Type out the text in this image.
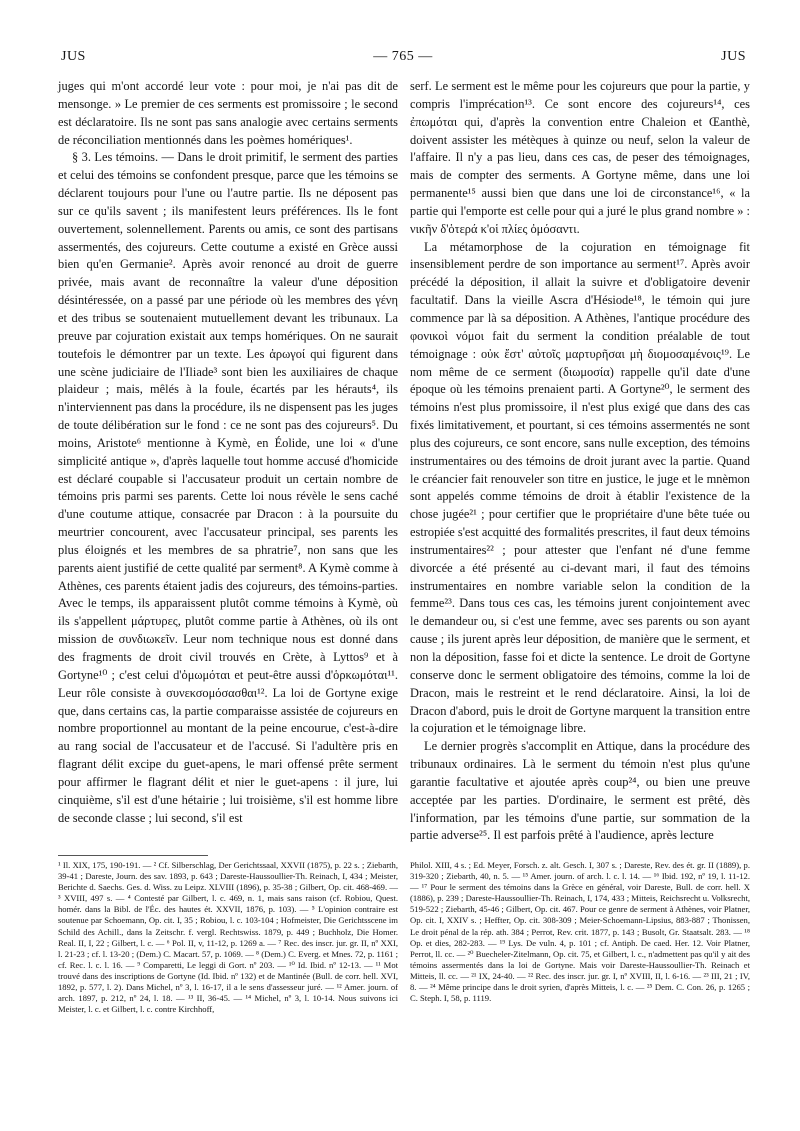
JUS	— 765 —	JUS

juges qui m'ont accordé leur vote : pour moi, je n'ai pas dit de mensonge. » Le premier de ces serments est promissoire ; le second est déclaratoire. Ils ne sont pas sans analogie avec certains serments de réconciliation mentionnés dans les poèmes homériques¹.

§ 3. Les témoins. — Dans le droit primitif, le serment des parties et celui des témoins se confondent presque, parce que les témoins se déclarent toujours pour l'une ou l'autre partie. Ils ne déposent pas sur ce qu'ils savent ; ils manifestent leurs préférences. Ils le font ouvertement, solennellement. Parents ou amis, ce sont des partisans assermentés, des cojureurs. Cette coutume a existé en Grèce aussi bien qu'en Germanie². Après avoir renoncé au droit de guerre privée, mais avant de reconnaître la valeur d'une déposition désintéressée, on a passé par une période où les membres des γένη et des tribus se soutenaient mutuellement devant les tribunaux. La preuve par cojuration existait aux temps homériques. On ne saurait toutefois le démontrer par un texte. Les ἀρωγοί qui figurent dans une scène judiciaire de l'Iliade³ sont bien les auxiliaires de chaque plaideur ; mais, mêlés à la foule, écartés par les hérauts⁴, ils n'interviennent pas dans la procédure, ils ne dispensent pas les juges de toute délibération sur le fond : ce ne sont pas des cojureurs⁵. Du moins, Aristote⁶ mentionne à Kymè, en Éolide, une loi « d'une simplicité antique », d'après laquelle tout homme accusé d'homicide est déclaré coupable si l'accusateur produit un certain nombre de témoins pris parmi ses parents. Cette loi nous révèle le sens caché d'une coutume attique, consacrée par Dracon : à la poursuite du meurtrier concourent, avec l'accusateur principal, ses parents les plus éloignés et les membres de sa phratrie⁷, non sans que les parents aient justifié de cette qualité par serment⁸. A Kymè comme à Athènes, ces parents étaient jadis des cojureurs, des témoins-parties. Avec le temps, ils apparaissent plutôt comme témoins à Kymè, où ils s'appellent μάρτυρες, plutôt comme partie à Athènes, où ils ont mission de συνδιωκεῖν. Leur nom technique nous est donné dans des fragments de droit civil trouvés en Crète, à Lyttos⁹ et à Gortyne¹⁰ ; c'est celui d'ὀμωμόται et peut-être aussi d'ὁρκωμόται¹¹. Leur rôle consiste à συνεκσομόσασθαι¹². La loi de Gortyne exige que, dans certains cas, la partie comparaisse assistée de cojureurs en nombre proportionnel au montant de la peine encourue, c'est-à-dire au rang social de l'accusateur et de l'accusé. Si l'adultère pris en flagrant délit excipe du guet-apens, le mari offensé prête serment pour affirmer le flagrant délit et nier le guet-apens : il jure, lui cinquième, s'il est d'une hétairie ; lui troisième, s'il est homme libre de seconde classe ; lui second, s'il est

serf. Le serment est le même pour les cojureurs que pour la partie, y compris l'imprécation¹³. Ce sont encore des cojureurs¹⁴, ces ἐπωμόται qui, d'après la convention entre Chaleion et Œanthè, doivent assister les métèques à quinze ou neuf, selon la valeur de l'affaire. Il n'y a pas lieu, dans ces cas, de peser des témoignages, mais de compter des serments. A Gortyne même, dans une loi permanente¹⁵ aussi bien que dans une loi de circonstance¹⁶, « la partie qui l'emporte est celle pour qui a juré le plus grand nombre » : νικῆν δ'ὁτερά κ'οἱ πλίες ὀμόσαντι.

La métamorphose de la cojuration en témoignage fit insensiblement perdre de son importance au serment¹⁷. Après avoir précédé la déposition, il allait la suivre et d'obligatoire devenir facultatif. Dans la vieille Ascra d'Hésiode¹⁸, le témoin qui jure commence par là sa déposition. A Athènes, l'antique procédure des φονικοὶ νόμοι fait du serment la condition préalable de tout témoignage : οὐκ ἔστ' αὐτοῖς μαρτυρῆσαι μὴ διομοσαμένοις¹⁹. Le nom même de ce serment (διωμοσία) rappelle qu'il date d'une époque où les témoins prenaient parti. A Gortyne²⁰, le serment des témoins n'est plus promissoire, il n'est plus exigé que dans des cas fixés limitativement, et pourtant, si ces témoins assermentés ne sont plus des cojureurs, ce sont encore, sans nulle exception, des témoins instrumentaires ou des témoins de droit jurant avec la partie. Quand le créancier fait renouveler son titre en justice, le juge et le mnèmon sont appelés comme témoins de droit à établir l'existence de la chose jugée²¹ ; pour certifier que le propriétaire d'une bête tuée ou estropiée s'est acquitté des formalités prescrites, il faut deux témoins instrumentaires²² ; pour attester que l'enfant né d'une femme divorcée a été présenté au ci-devant mari, il faut des témoins instrumentaires en nombre variable selon la condition de la femme²³. Dans tous ces cas, les témoins jurent conjointement avec le demandeur ou, si c'est une femme, avec ses parents ou son ayant cause ; ils jurent après leur déposition, de manière que le serment, et non la déposition, fasse foi et dicte la sentence. Le droit de Gortyne conserve donc le serment obligatoire des témoins, comme la loi de Dracon, mais le restreint et le rend déclaratoire. Ainsi, la loi de Dracon d'abord, puis le droit de Gortyne marquent la transition entre la cojuration et le témoignage libre.

Le dernier progrès s'accomplit en Attique, dans la procédure des tribunaux ordinaires. Là le serment du témoin n'est plus qu'une garantie facultative et ajoutée après coup²⁴, ou bien une preuve acceptée par les parties. D'ordinaire, le serment est prêté, dès l'information, par les témoins d'une partie, sur sommation de la partie adverse²⁵. Il est parfois prêté à l'audience, après lecture

¹ Il. XIX, 175, 190-191. — ² Cf. Silberschlag, Der Gerichtssaal, XXVII (1875), p. 22 s. ; Ziebarth, 39-41 ; Dareste, Journ. des sav. 1893, p. 643 ; Dareste-Haussoullier-Th. Reinach, I, 434 ; Meister, Berichte d. Saechs. Ges. d. Wiss. zu Leipz. XLVIII (1896), p. 35-38 ; Gilbert, Op. cit. 468-469. — ³ XVIII, 497 s. — ⁴ Contesté par Gilbert, l. c. 469, n. 1, mais sans raison (cf. Robiou, Quest. homér. dans la Bibl. de l'Éc. des hautes ét. XXVII, 1876, p. 103). — ⁵ L'opinion contraire est soutenue par Schoemann, Op. cit. I, 35 ; Robiou, l. c. 103-104 ; Hofmeister, Die Gerichtsscene im Schild des Achill., dans la Zeitschr. f. vergl. Rechtswiss. 1879, p. 449 ; Buchholz, Die Homer. Real. II, I, 22 ; Gilbert, l. c. — ⁶ Pol. II, v, 11-12, p. 1269 a. — ⁷ Rec. des inscr. jur. gr. II, nº XXI, l. 21-23 ; cf. l. 13-20 ; (Dem.) C. Macart. 57, p. 1069. — ⁸ (Dem.) C. Everg. et Mnes. 72, p. 1161 ; cf. Rec. l. c. l. 16. — ⁹ Comparetti, Le leggi di Gort. nº 203. — ¹⁰ Id. Ibid. nº 12-13. — ¹¹ Mot trouvé dans des inscriptions de Gortyne (Id. Ibid. nº 132) et de Mantinée (Bull. de corr. hell. XVI, 1892, p. 577, l. 2). Dans Michel, nº 3, l. 16-17, il a le sens d'assesseur juré. — ¹² Amer. journ. of arch. 1897, p. 212, nº 24, l. 18. — ¹³ II, 36-45. — ¹⁴ Michel, nº 3, l. 10-14. Nous suivons ici Meister, l. c. et Gilbert, l. c. contre Kirchhoff,

Philol. XIII, 4 s. ; Ed. Meyer, Forsch. z. alt. Gesch. I, 307 s. ; Dareste, Rev. des ét. gr. II (1889), p. 319-320 ; Ziebarth, 40, n. 5. — ¹⁵ Amer. journ. of arch. l. c. l. 14. — ¹⁶ Ibid. 192, nº 19, l. 11-12. — ¹⁷ Pour le serment des témoins dans la Grèce en général, voir Dareste, Bull. de corr. hell. X (1886), p. 239 ; Dareste-Haussoullier-Th. Reinach, I, 174, 433 ; Mitteis, Reichsrecht u. Volksrecht, 519-522 ; Ziebarth, 45-46 ; Gilbert, Op. cit. 467. Pour ce genre de serment à Athènes, voir Platner, Op. cit. I, XXIV s. ; Heffter, Op. cit. 308-309 ; Meier-Schoemann-Lipsius, 883-887 ; Thonissen, Le droit pénal de la rép. ath. 384 ; Perrot, Rev. crit. 1877, p. 143 ; Busolt, Gr. Staatsalt. 283. — ¹⁸ Op. et dies, 282-283. — ¹⁹ Lys. De vuln. 4, p. 101 ; cf. Antiph. De caed. Her. 12. Voir Platner, Perrot, ll. cc. — ²⁰ Buecheler-Zitelmann, Op. cit. 75, et Gilbert, l. c., n'admettent pas qu'il y ait des témoins assermentés dans la loi de Gortyne. Mais voir Dareste-Haussoullier-Th. Reinach et Mitteis, ll. cc. — ²¹ IX, 24-40. — ²² Rec. des inscr. jur. gr. I, nº XVIII, II, l. 6-16. — ²³ III, 21 ; IV, 8. — ²⁴ Même principe dans le droit syrien, d'après Mitteis, l. c. — ²⁵ Dem. C. Con. 26, p. 1265 ; C. Steph. I, 58, p. 1119.
